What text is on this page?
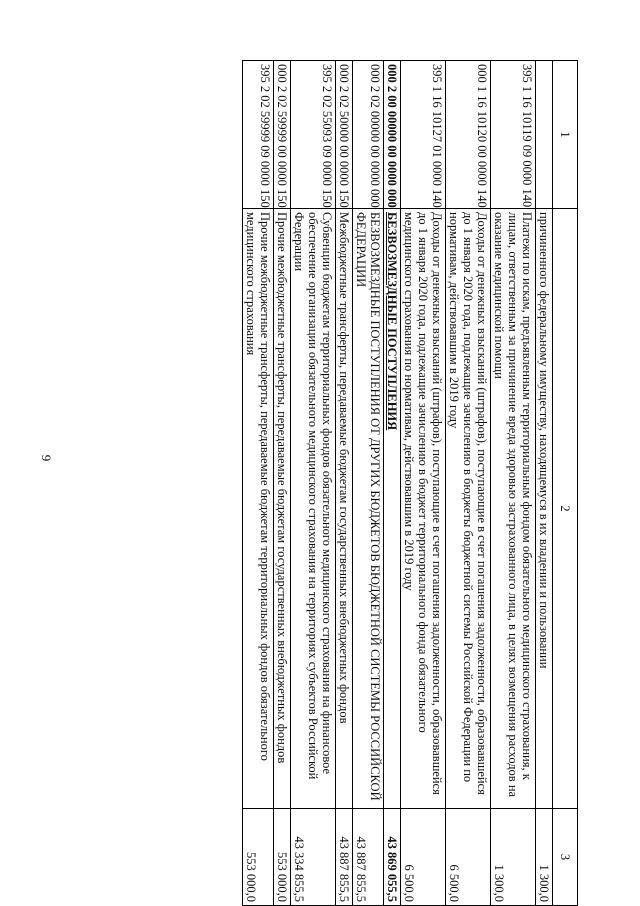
9
1	2	3
	причиненного федеральному имуществу, находящемуся в их владении и пользовании	1 300,0
395 1 16 10119 09 0000 140	Платежи по искам, предъявленным территориальным фондом обязательного медицинского страхования, к лицам, ответственным за причинение вреда здоровью застрахованного лица, в целях возмещения расходов на оказание медицинской помощи	1 300,0
000 1 16 10120 00 0000 140	Доходы от денежных взысканий (штрафов), поступающие в счет погашения задолженности, образовавшейся до 1 января 2020 года, подлежащие зачислению в бюджеты бюджетной системы Российской Федерации по нормативам, действовавшим в 2019 году	6 500,0
395 1 16 10127 01 0000 140	Доходы от денежных взысканий (штрафов), поступающие в счет погашения задолженности, образовавшейся до 1 января 2020 года, подлежащие зачислению в бюджет территориального фонда обязательного медицинского страхования по нормативам, действовавшим в 2019 году	6 500,0
000 2 00 00000 00 0000 000	БЕЗВОЗМЕЗДНЫЕ ПОСТУПЛЕНИЯ	43 869 055,5
000 2 02 00000 00 0000 000	БЕЗВОЗМЕЗДНЫЕ ПОСТУПЛЕНИЯ ОТ ДРУГИХ БЮДЖЕТОВ БЮДЖЕТНОЙ СИСТЕМЫ РОССИЙСКОЙ ФЕДЕРАЦИИ	43 887 855,5
000 2 02 50000 00 0000 150	Межбюджетные трансферты, передаваемые бюджетам государственных внебюджетных фондов	43 887 855,5
395 2 02 55093 09 0000 150	Субвенции бюджетам территориальных фондов обязательного медицинского страхования на финансовое обеспечение организации обязательного медицинского страхования на территориях субъектов Российской Федерации	43 334 855,5
000 2 02 59999 00 0000 150	Прочие межбюджетные трансферты, передаваемые бюджетам государственных внебюджетных фондов	553 000,0
395 2 02 59999 09 0000 150	Прочие межбюджетные трансферты, передаваемые бюджетам территориальных фондов обязательного медицинского страхования	553 000,0
